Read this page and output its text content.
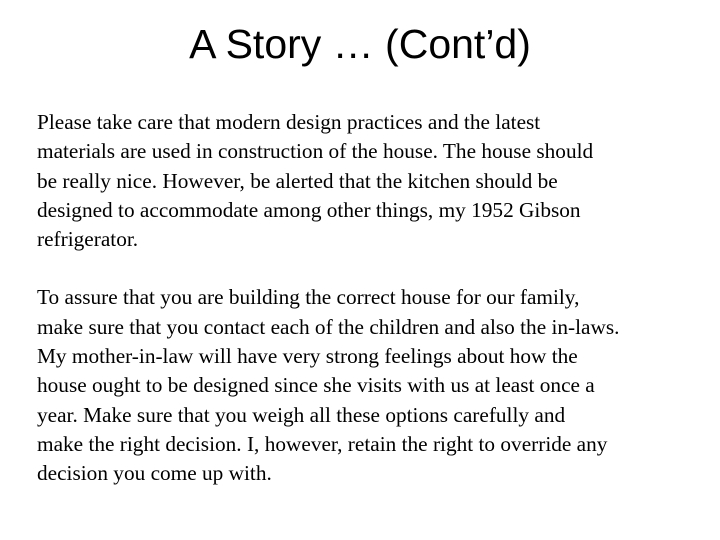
A Story … (Cont’d)

Please take care that modern design practices and the latest
materials are used in construction of the house. The house should
be really nice. However, be alerted that the kitchen should be
designed to accommodate among other things, my 1952 Gibson
refrigerator.

To assure that you are building the correct house for our family,
make sure that you contact each of the children and also the in-laws.
My mother-in-law will have very strong feelings about how the
house ought to be designed since she visits with us at least once a
year. Make sure that you weigh all these options carefully and
make the right decision. I, however, retain the right to override any
decision you come up with.
